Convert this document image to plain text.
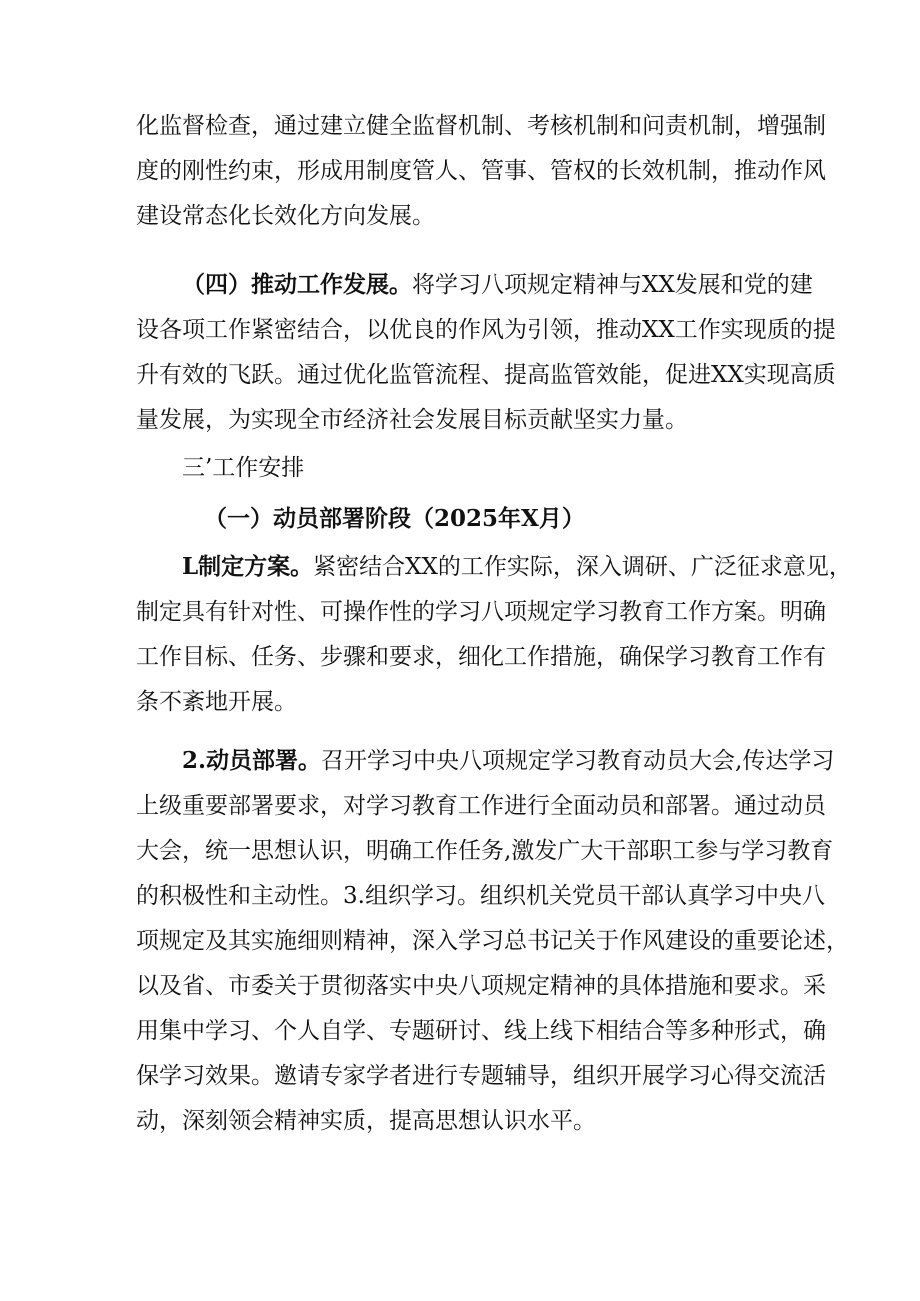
化监督检查，通过建立健全监督机制、考核机制和问责机制，增强制
度的刚性约束，形成用制度管人、管事、管权的长效机制，推动作风
建设常态化长效化方向发展。
（四）推动工作发展。将学习八项规定精神与XX发展和党的建
设各项工作紧密结合，以优良的作风为引领，推动XX工作实现质的提
升有效的飞跃。通过优化监管流程、提高监管效能，促进XX实现高质
量发展，为实现全市经济社会发展目标贡献坚实力量。
三’工作安排
（一）动员部署阶段（2025年X月）
L制定方案。紧密结合XX的工作实际，深入调研、广泛征求意见，
制定具有针对性、可操作性的学习八项规定学习教育工作方案。明确
工作目标、任务、步骤和要求，细化工作措施，确保学习教育工作有
条不紊地开展。
2.动员部署。召开学习中央八项规定学习教育动员大会,传达学习
上级重要部署要求，对学习教育工作进行全面动员和部署。通过动员
大会，统一思想认识，明确工作任务,激发广大干部职工参与学习教育
的积极性和主动性。3.组织学习。组织机关党员干部认真学习中央八
项规定及其实施细则精神，深入学习总书记关于作风建设的重要论述，
以及省、市委关于贯彻落实中央八项规定精神的具体措施和要求。采
用集中学习、个人自学、专题研讨、线上线下相结合等多种形式，确
保学习效果。邀请专家学者进行专题辅导，组织开展学习心得交流活
动，深刻领会精神实质，提高思想认识水平。
